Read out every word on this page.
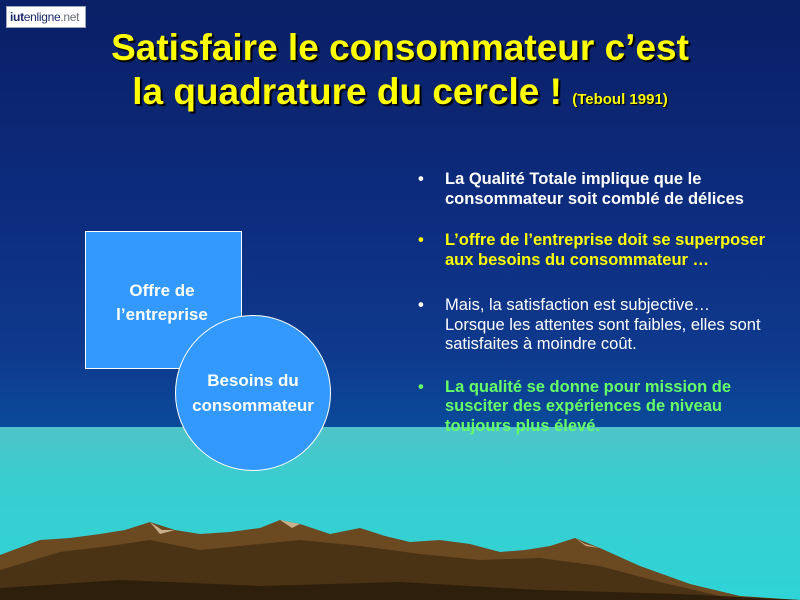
iutenligne.net
Satisfaire le consommateur c’est
la quadrature du cercle ! (Teboul 1991)
Offre de
l’entreprise
Besoins du
consommateur
• La Qualité Totale implique que le consommateur soit comblé de délices
• L’offre de l’entreprise doit se superposer aux besoins du consommateur …
• Mais, la satisfaction est subjective… Lorsque les attentes sont faibles, elles sont satisfaites à moindre coût.
• La qualité se donne pour mission de susciter des expériences de niveau toujours plus élevé.
